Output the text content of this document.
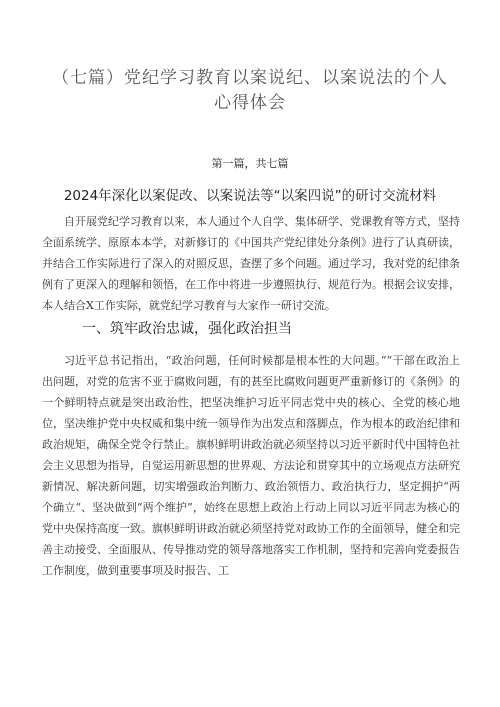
（七篇）党纪学习教育以案说纪、以案说法的个人
心得体会
第一篇，共七篇
2024年深化以案促改、以案说法等“以案四说”的研讨交流材料

自开展党纪学习教育以来，本人通过个人自学、集体研学、党课教育等方式，坚持全面系统学、原原本本学，对新修订的《中国共产党纪律处分条例》进行了认真研读，并结合工作实际进行了深入的对照反思，查摆了多个问题。通过学习，我对党的纪律条例有了更深入的理解和领悟，在工作中将进一步遵照执行、规范行为。根据会议安排，本人结合X工作实际，就党纪学习教育与大家作一研讨交流。

一、筑牢政治忠诚，强化政治担当

习近平总书记指出，“政治问题，任何时候都是根本性的大问题。”“干部在政治上出问题，对党的危害不亚于腐败问题，有的甚至比腐败问题更严重新修订的《条例》的一个鲜明特点就是突出政治性，把坚决维护习近平同志党中央的核心、全党的核心地位，坚决维护党中央权威和集中统一领导作为出发点和落脚点，作为根本的政治纪律和政治规矩，确保全党令行禁止。旗帜鲜明讲政治就必须坚持以习近平新时代中国特色社会主义思想为指导，自觉运用新思想的世界观、方法论和贯穿其中的立场观点方法研究新情况、解决新问题，切实增强政治判断力、政治领悟力、政治执行力，坚定拥护“两个确立“、坚决做到“两个维护”，始终在思想上政治上行动上同以习近平同志为核心的党中央保持高度一致。旗帜鲜明讲政治就必须坚持党对政协工作的全面领导，健全和完善主动接受、全面服从、传导推动党的领导落地落实工作机制，坚持和完善向党委报告工作制度，做到重要事项及时报告、工
